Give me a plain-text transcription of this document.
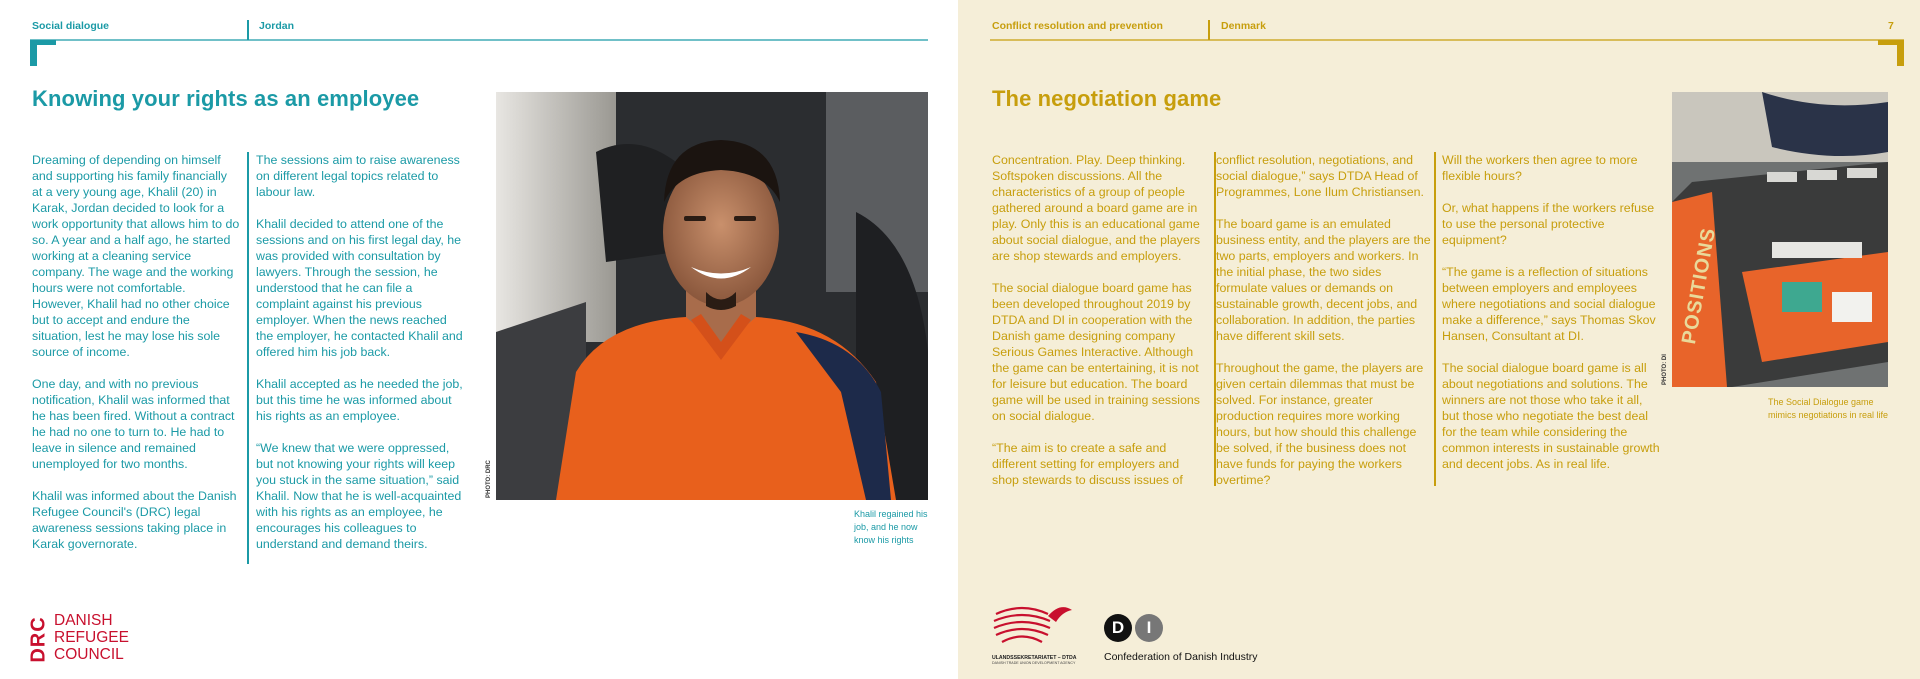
Social dialogue	Jordan
Knowing your rights as an employee

Dreaming of depending on himself and supporting his family financially at a very young age, Khalil (20) in Karak, Jordan decided to look for a work opportunity that allows him to do so. A year and a half ago, he started working at a cleaning service company. The wage and the working hours were not comfortable. However, Khalil had no other choice but to accept and endure the situation, lest he may lose his sole source of income.

One day, and with no previous notification, Khalil was informed that he has been fired. Without a contract he had no one to turn to. He had to leave in silence and remained unemployed for two months.

Khalil was informed about the Danish Refugee Council's (DRC) legal awareness sessions taking place in Karak governorate.

The sessions aim to raise awareness on different legal topics related to labour law.

Khalil decided to attend one of the sessions and on his first legal day, he was provided with consultation by lawyers. Through the session, he understood that he can file a complaint against his previous employer. When the news reached the employer, he contacted Khalil and offered him his job back.

Khalil accepted as he needed the job, but this time he was informed about his rights as an employee.

“We knew that we were oppressed, but not knowing your rights will keep you stuck in the same situation,” said Khalil. Now that he is well-acquainted with his rights as an employee, he encourages his colleagues to understand and demand theirs.

PHOTO: DRC
Khalil regained his job, and he now know his rights
DRC DANISH
REFUGEE
COUNCIL
Conflict resolution and prevention	Denmark	7
The negotiation game

Concentration. Play. Deep thinking. Softspoken discussions. All the characteristics of a group of people gathered around a board game are in play. Only this is an educational game about social dialogue, and the players are shop stewards and employers.

The social dialogue board game has been developed throughout 2019 by DTDA and DI in cooperation with the Danish game designing company Serious Games Interactive. Although the game can be entertaining, it is not for leisure but education. The board game will be used in training sessions on social dialogue.

“The aim is to create a safe and different setting for employers and shop stewards to discuss issues of

conflict resolution, negotiations, and social dialogue,” says DTDA Head of Programmes, Lone Ilum Christiansen.

The board game is an emulated business entity, and the players are the two parts, employers and workers. In the initial phase, the two sides formulate values or demands on sustainable growth, decent jobs, and collaboration. In addition, the parties have different skill sets.

Throughout the game, the players are given certain dilemmas that must be solved. For instance, greater production requires more working hours, but how should this challenge be solved, if the business does not have funds for paying the workers overtime?

Will the workers then agree to more flexible hours?

Or, what happens if the workers refuse to use the personal protective equipment?

“The game is a reflection of situations between employers and employees where negotiations and social dialogue make a difference,” says Thomas Skov Hansen, Consultant at DI.

The social dialogue board game is all about negotiations and solutions. The winners are not those who take it all, but those who negotiate the best deal for the team while considering the common interests in sustainable growth and decent jobs. As in real life.

POSITIONS
PHOTO: DI
The Social Dialogue game mimics negotiations in real life
ULANDSSEKRETARIATET – DTDA
DANISH TRADE UNION DEVELOPMENT AGENCY
D	I
Confederation of Danish Industry
